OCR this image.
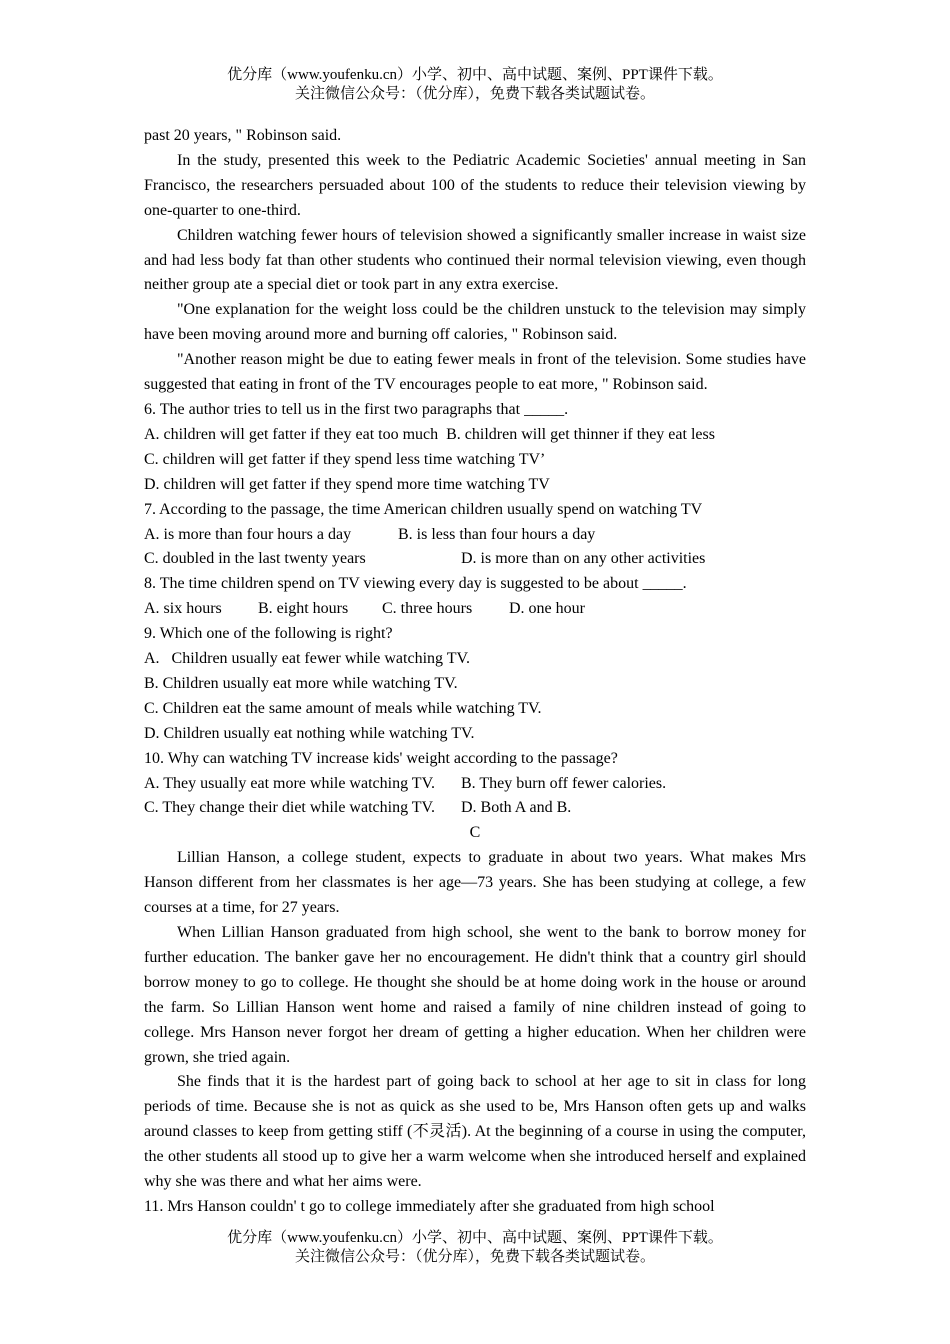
优分库（www.youfenku.cn）小学、初中、高中试题、案例、PPT课件下载。
关注微信公众号：（优分库），免费下载各类试题试卷。

past 20 years, " Robinson said.

In the study, presented this week to the Pediatric Academic Societies' annual meeting in San Francisco, the researchers persuaded about 100 of the students to reduce their television viewing by one-quarter to one-third.

Children watching fewer hours of television showed a significantly smaller increase in waist size and had less body fat than other students who continued their normal television viewing, even though neither group ate a special diet or took part in any extra exercise.

"One explanation for the weight loss could be the children unstuck to the television may simply have been moving around more and burning off calories, " Robinson said.

"Another reason might be due to eating fewer meals in front of the television. Some studies have suggested that eating in front of the TV encourages people to eat more, " Robinson said.

6. The author tries to tell us in the first two paragraphs that _____.

A. children will get fatter if they eat too much B. children will get thinner if they eat less

C. children will get fatter if they spend less time watching TV’

D. children will get fatter if they spend more time watching TV

7. According to the passage, the time American children usually spend on watching TV

A. is more than four hours a day	B. is less than four hours a day

C. doubled in the last twenty years	D. is more than on any other activities

8. The time children spend on TV viewing every day is suggested to be about _____.

A. six hours B. eight hours C. three hours D. one hour

9. Which one of the following is right?

A.   Children usually eat fewer while watching TV.

B. Children usually eat more while watching TV.

C. Children eat the same amount of meals while watching TV.

D. Children usually eat nothing while watching TV.

10. Why can watching TV increase kids' weight according to the passage?

A. They usually eat more while watching TV. B. They burn off fewer calories.

C. They change their diet while watching TV. D. Both A and B.

C

Lillian Hanson, a college student, expects to graduate in about two years. What makes Mrs Hanson different from her classmates is her age—73 years. She has been studying at college, a few courses at a time, for 27 years.

When Lillian Hanson graduated from high school, she went to the bank to borrow money for further education. The banker gave her no encouragement. He didn't think that a country girl should borrow money to go to college. He thought she should be at home doing work in the house or around the farm. So Lillian Hanson went home and raised a family of nine children instead of going to college. Mrs Hanson never forgot her dream of getting a higher education. When her children were grown, she tried again.

She finds that it is the hardest part of going back to school at her age to sit in class for long periods of time. Because she is not as quick as she used to be, Mrs Hanson often gets up and walks around classes to keep from getting stiff (不灵活). At the beginning of a course in using the computer, the other students all stood up to give her a warm welcome when she introduced herself and explained why she was there and what her aims were.

11. Mrs Hanson couldn' t go to college immediately after she graduated from high school

优分库（www.youfenku.cn）小学、初中、高中试题、案例、PPT课件下载。
关注微信公众号：（优分库），免费下载各类试题试卷。
